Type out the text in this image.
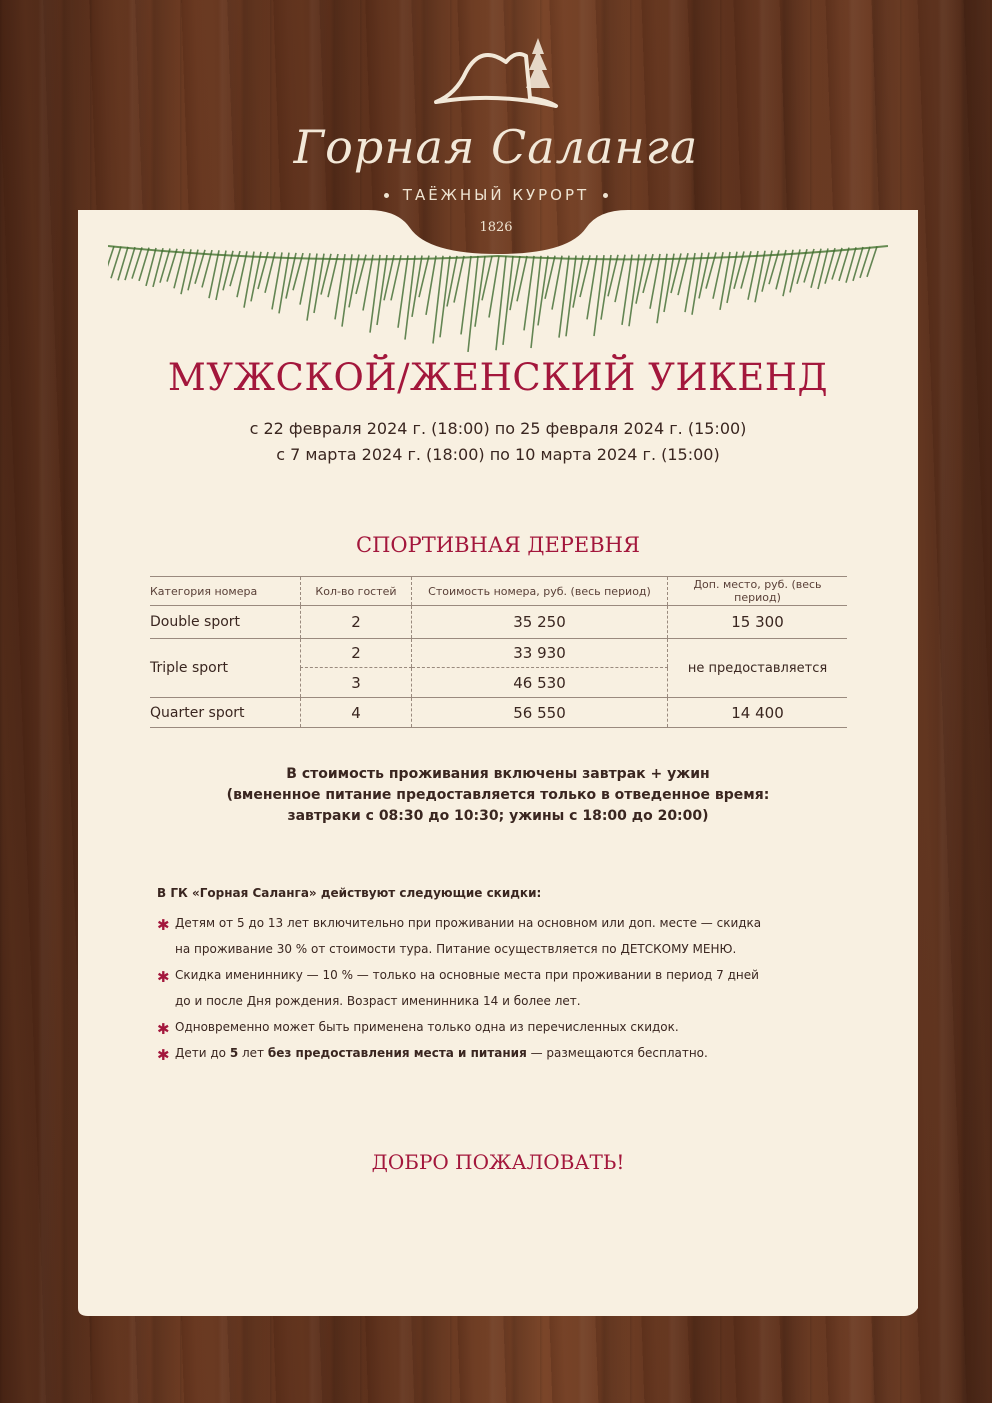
Горная Саланга
ТАЁЖНЫЙ КУРОРТ
1826
МУЖСКОЙ/ЖЕНСКИЙ УИКЕНД
с 22 февраля 2024 г. (18:00) по 25 февраля 2024 г. (15:00)
с 7 марта 2024 г. (18:00) по 10 марта 2024 г. (15:00)
СПОРТИВНАЯ ДЕРЕВНЯ
Категория номера	Кол-во гостей	Стоимость номера, руб. (весь период)	Доп. место, руб. (весь период)
Double sport	2	35 250	15 300
Triple sport	2	33 930	не предоставляется
	3	46 530	
Quarter sport	4	56 550	14 400
В стоимость проживания включены завтрак + ужин
(вмененное питание предоставляется только в отведенное время:
завтраки с 08:30 до 10:30; ужины с 18:00 до 20:00)
В ГК «Горная Саланга» действуют следующие скидки:
✱ Детям от 5 до 13 лет включительно при проживании на основном или доп. месте — скидка
на проживание 30 % от стоимости тура. Питание осуществляется по ДЕТСКОМУ МЕНЮ.
✱ Скидка имениннику — 10 % — только на основные места при проживании в период 7 дней
до и после Дня рождения. Возраст именинника 14 и более лет.
✱ Одновременно может быть применена только одна из перечисленных скидок.
✱ Дети до 5 лет без предоставления места и питания — размещаются бесплатно.
ДОБРО ПОЖАЛОВАТЬ!
